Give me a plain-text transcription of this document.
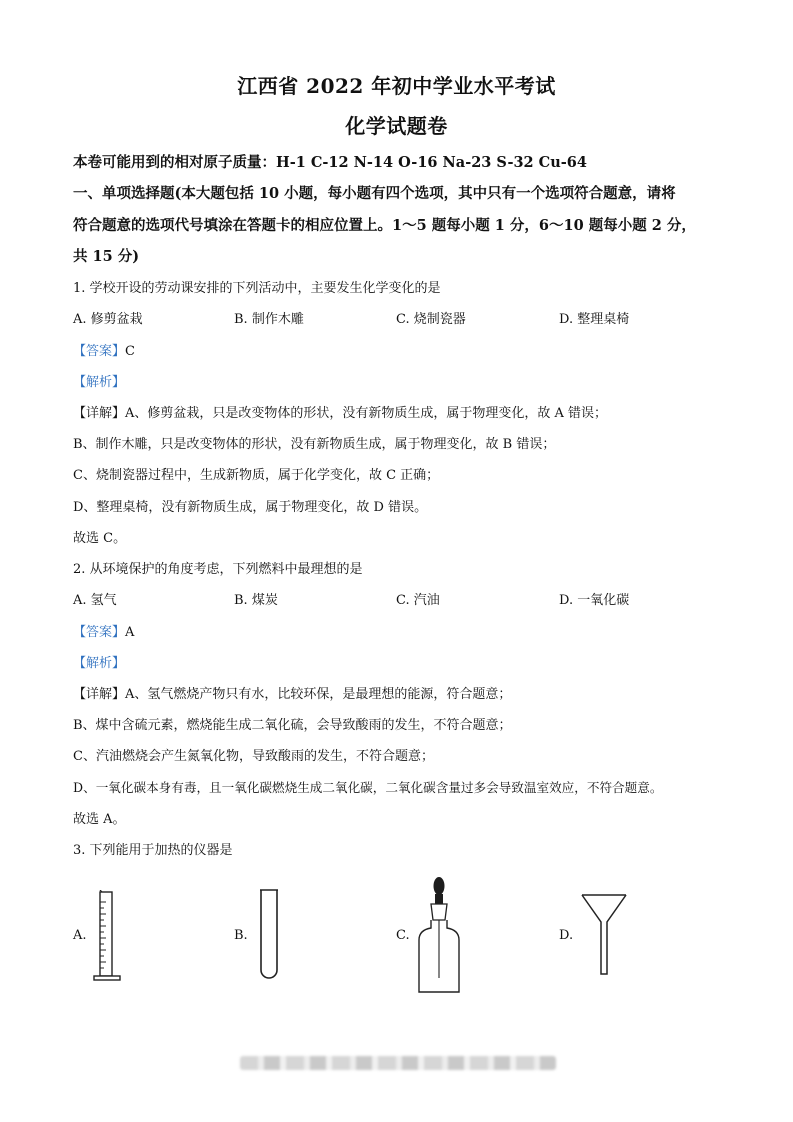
江西省 2022 年初中学业水平考试
化学试题卷
本卷可能用到的相对原子质量：H-1 C-12 N-14 O-16 Na-23 S-32 Cu-64
一、单项选择题(本大题包括 10 小题，每小题有四个选项，其中只有一个选项符合题意，请将
符合题意的选项代号填涂在答题卡的相应位置上。1～5 题每小题 1 分，6～10 题每小题 2 分，
共 15 分)
1. 学校开设的劳动课安排的下列活动中，主要发生化学变化的是
A. 修剪盆栽	B. 制作木雕	C. 烧制瓷器	D. 整理桌椅
【答案】C
【解析】
【详解】A、修剪盆栽，只是改变物体的形状，没有新物质生成，属于物理变化，故 A 错误；
B、制作木雕，只是改变物体的形状，没有新物质生成，属于物理变化，故 B 错误；
C、烧制瓷器过程中，生成新物质，属于化学变化，故 C 正确；
D、整理桌椅，没有新物质生成，属于物理变化，故 D 错误。
故选 C。
2. 从环境保护的角度考虑，下列燃料中最理想的是
A. 氢气	B. 煤炭	C. 汽油	D. 一氧化碳
【答案】A
【解析】
【详解】A、氢气燃烧产物只有水，比较环保，是最理想的能源，符合题意；
B、煤中含硫元素，燃烧能生成二氧化硫，会导致酸雨的发生，不符合题意；
C、汽油燃烧会产生氮氧化物，导致酸雨的发生，不符合题意；
D、一氧化碳本身有毒，且一氧化碳燃烧生成二氧化碳，二氧化碳含量过多会导致温室效应，不符合题意。
故选 A。
3. 下列能用于加热的仪器是
A.	B.	C.	D.
